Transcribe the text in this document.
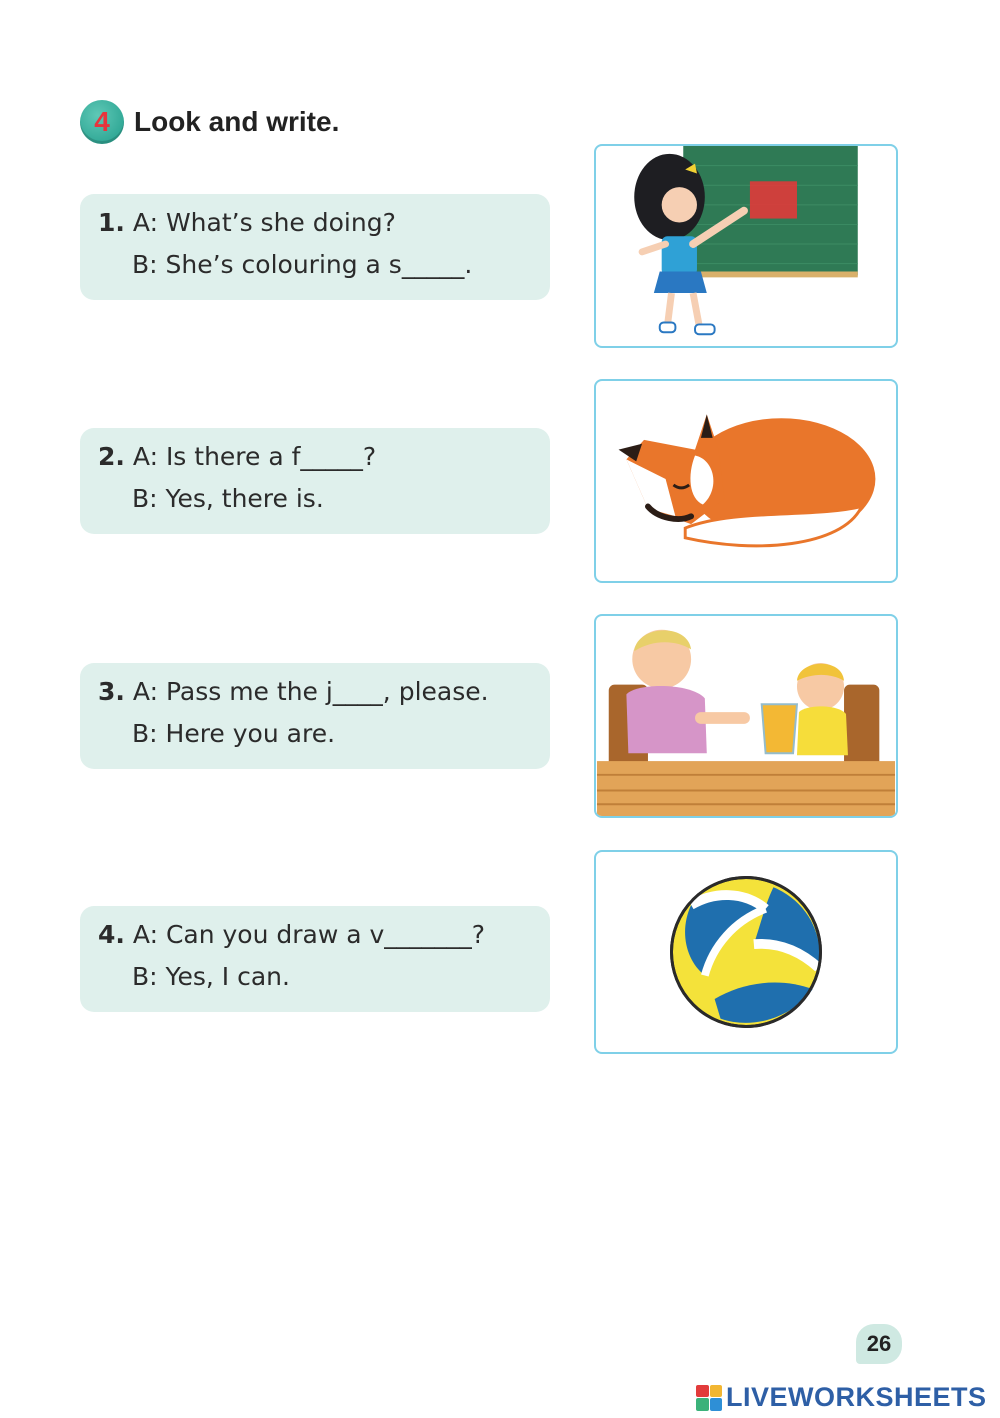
4 Look and write.
1. A: What’s she doing?
B: She’s colouring a s_____.
2. A: Is there a f_____?
B: Yes, there is.
3. A: Pass me the j____, please.
B: Here you are.
4. A: Can you draw a v_______?
B: Yes, I can.
26
LIVEWORKSHEETS
